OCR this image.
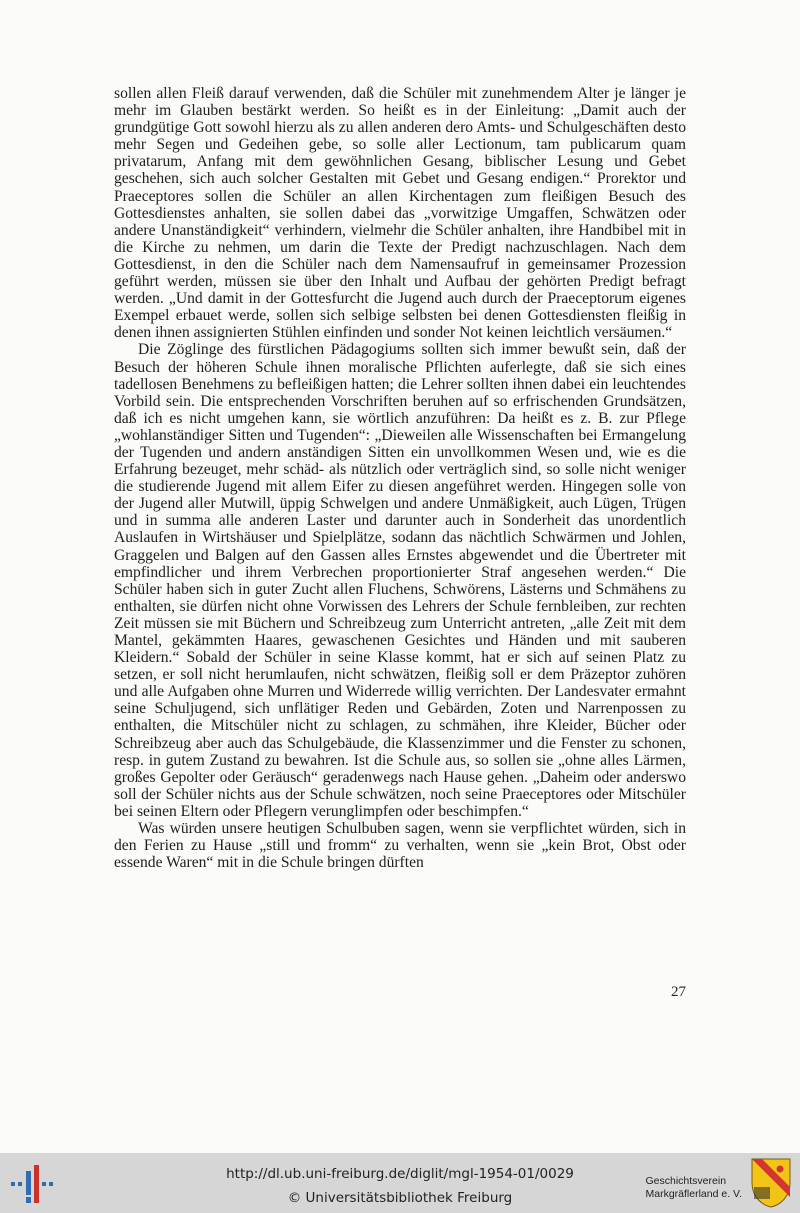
sollen allen Fleiß darauf verwenden, daß die Schüler mit zunehmendem Alter je länger je mehr im Glauben bestärkt werden. So heißt es in der Einleitung: „Damit auch der grundgütige Gott sowohl hierzu als zu allen anderen dero Amts- und Schulgeschäften desto mehr Segen und Gedeihen gebe, so solle aller Lectionum, tam publicarum quam privatarum, Anfang mit dem gewöhnlichen Gesang, biblischer Lesung und Gebet geschehen, sich auch solcher Gestalten mit Gebet und Gesang endigen.“ Prorektor und Praeceptores sollen die Schüler an allen Kirchentagen zum fleißigen Besuch des Gottesdienstes anhalten, sie sollen dabei das „vorwitzige Umgaffen, Schwätzen oder andere Unanständigkeit“ verhindern, vielmehr die Schüler anhalten, ihre Handbibel mit in die Kirche zu nehmen, um darin die Texte der Predigt nachzuschlagen. Nach dem Gottesdienst, in den die Schüler nach dem Namensaufruf in gemeinsamer Prozession geführt werden, müssen sie über den Inhalt und Aufbau der gehörten Predigt befragt werden. „Und damit in der Gottesfurcht die Jugend auch durch der Praeceptorum eigenes Exempel erbauet werde, sollen sich selbige selbsten bei denen Gottesdiensten fleißig in denen ihnen assignierten Stühlen einfinden und sonder Not keinen leichtlich versäumen.“

Die Zöglinge des fürstlichen Pädagogiums sollten sich immer bewußt sein, daß der Besuch der höheren Schule ihnen moralische Pflichten auferlegte, daß sie sich eines tadellosen Benehmens zu befleißigen hatten; die Lehrer sollten ihnen dabei ein leuchtendes Vorbild sein. Die entsprechenden Vorschriften beruhen auf so erfrischenden Grundsätzen, daß ich es nicht umgehen kann, sie wörtlich anzuführen: Da heißt es z. B. zur Pflege „wohlanständiger Sitten und Tugenden“: „Dieweilen alle Wissenschaften bei Ermangelung der Tugenden und andern anständigen Sitten ein unvollkommen Wesen und, wie es die Erfahrung bezeuget, mehr schäd- als nützlich oder verträglich sind, so solle nicht weniger die studierende Jugend mit allem Eifer zu diesen angeführet werden. Hingegen solle von der Jugend aller Mutwill, üppig Schwelgen und andere Unmäßigkeit, auch Lügen, Trügen und in summa alle anderen Laster und darunter auch in Sonderheit das unordentlich Auslaufen in Wirtshäuser und Spielplätze, sodann das nächtlich Schwärmen und Johlen, Graggelen und Balgen auf den Gassen alles Ernstes abgewendet und die Übertreter mit empfindlicher und ihrem Verbrechen proportionierter Straf angesehen werden.“ Die Schüler haben sich in guter Zucht allen Fluchens, Schwörens, Lästerns und Schmähens zu enthalten, sie dürfen nicht ohne Vorwissen des Lehrers der Schule fernbleiben, zur rechten Zeit müssen sie mit Büchern und Schreibzeug zum Unterricht antreten, „alle Zeit mit dem Mantel, gekämmten Haares, gewaschenen Gesichtes und Händen und mit sauberen Kleidern.“ Sobald der Schüler in seine Klasse kommt, hat er sich auf seinen Platz zu setzen, er soll nicht herumlaufen, nicht schwätzen, fleißig soll er dem Präzeptor zuhören und alle Aufgaben ohne Murren und Widerrede willig verrichten. Der Landesvater ermahnt seine Schuljugend, sich unflätiger Reden und Gebärden, Zoten und Narrenpossen zu enthalten, die Mitschüler nicht zu schlagen, zu schmähen, ihre Kleider, Bücher oder Schreibzeug aber auch das Schulgebäude, die Klassenzimmer und die Fenster zu schonen, resp. in gutem Zustand zu bewahren. Ist die Schule aus, so sollen sie „ohne alles Lärmen, großes Gepolter oder Geräusch“ geradenwegs nach Hause gehen. „Daheim oder anderswo soll der Schüler nichts aus der Schule schwätzen, noch seine Praeceptores oder Mitschüler bei seinen Eltern oder Pflegern verunglimpfen oder beschimpfen.“

Was würden unsere heutigen Schulbuben sagen, wenn sie verpflichtet würden, sich in den Ferien zu Hause „still und fromm“ zu verhalten, wenn sie „kein Brot, Obst oder essende Waren“ mit in die Schule bringen dürften

27
http://dl.ub.uni-freiburg.de/diglit/mgl-1954-01/0029
© Universitätsbibliothek Freiburg
Geschichtsverein
Markgräflerland e. V.
